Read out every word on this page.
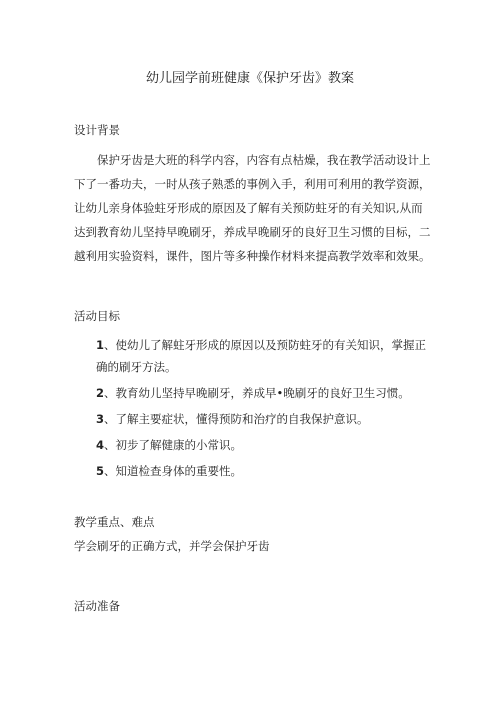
幼儿园学前班健康《保护牙齿》教案

设计背景

保护牙齿是大班的科学内容，内容有点枯燥，我在教学活动设计上下了一番功夫，一时从孩子熟悉的事例入手，利用可利用的教学资源，让幼儿亲身体验蛀牙形成的原因及了解有关预防蛀牙的有关知识,从而达到教育幼儿坚持早晚刷牙，养成早晚刷牙的良好卫生习惯的目标，二越利用实验资料，课件，图片等多种操作材料来提高教学效率和效果。

活动目标

1、使幼儿了解蛀牙形成的原因以及预防蛀牙的有关知识，掌握正确的刷牙方法。

2、教育幼儿坚持早晚刷牙，养成早•晚刷牙的良好卫生习惯。

3、了解主要症状，懂得预防和治疗的自我保护意识。

4、初步了解健康的小常识。

5、知道检查身体的重要性。

教学重点、难点

学会刷牙的正确方式，并学会保护牙齿

活动准备
